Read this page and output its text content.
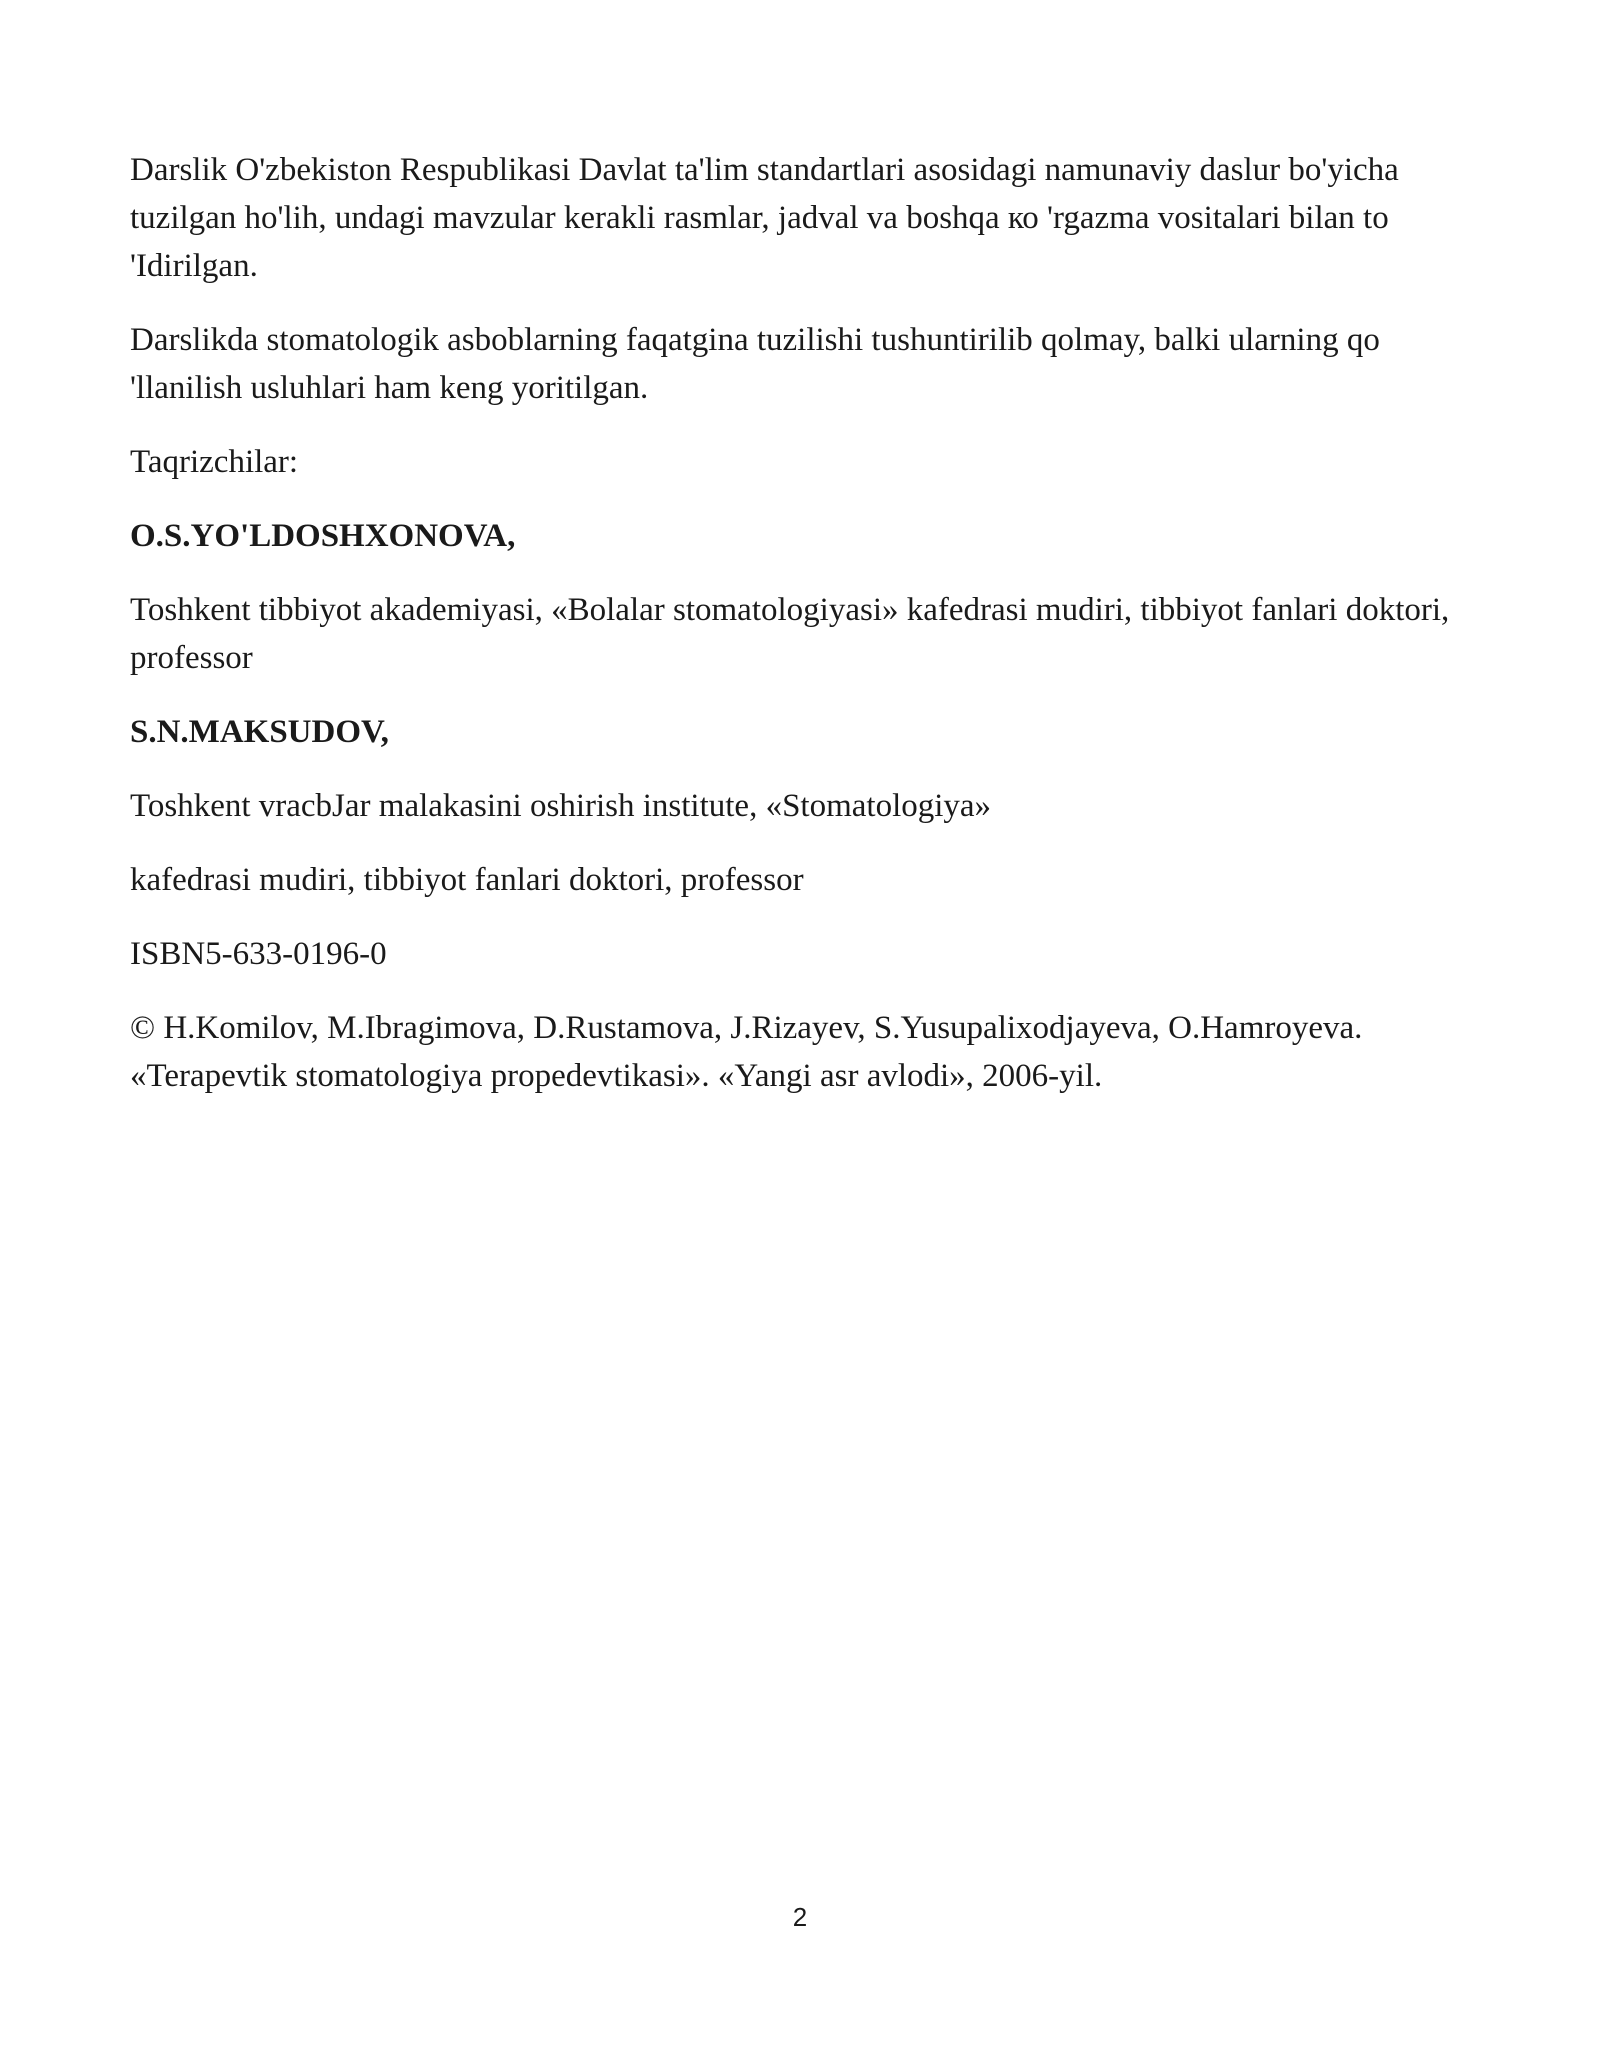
Darslik O'zbekiston Respublikasi Davlat ta'lim standartlari asosidagi namunaviy daslur bo'yicha tuzilgan ho'lih, undagi mavzular kerakli rasmlar, jadval va boshqa ко 'rgazma vositalari bilan to 'Idirilgan.

Darslikda stomatologik asboblarning faqatgina tuzilishi tushuntirilib qolmay, balki ularning qo 'llanilish usluhlari ham keng yoritilgan.

Taqrizchilar:

O.S.YO'LDOSHXONOVA,

Toshkent tibbiyot akademiyasi, «Bolalar stomatologiyasi» kafedrasi mudiri, tibbiyot fanlari doktori, professor

S.N.MAKSUDOV,

Toshkent vracbJar malakasini oshirish institute, «Stomatologiya»

kafedrasi mudiri, tibbiyot fanlari doktori, professor

ISBN5-633-0196-0

© H.Komilov, M.Ibragimova, D.Rustamova, J.Rizayev, S.Yusupalixodjayeva, O.Hamroyeva. «Terapevtik stomatologiya propedevtikasi». «Yangi asr avlodi», 2006-yil.

2
